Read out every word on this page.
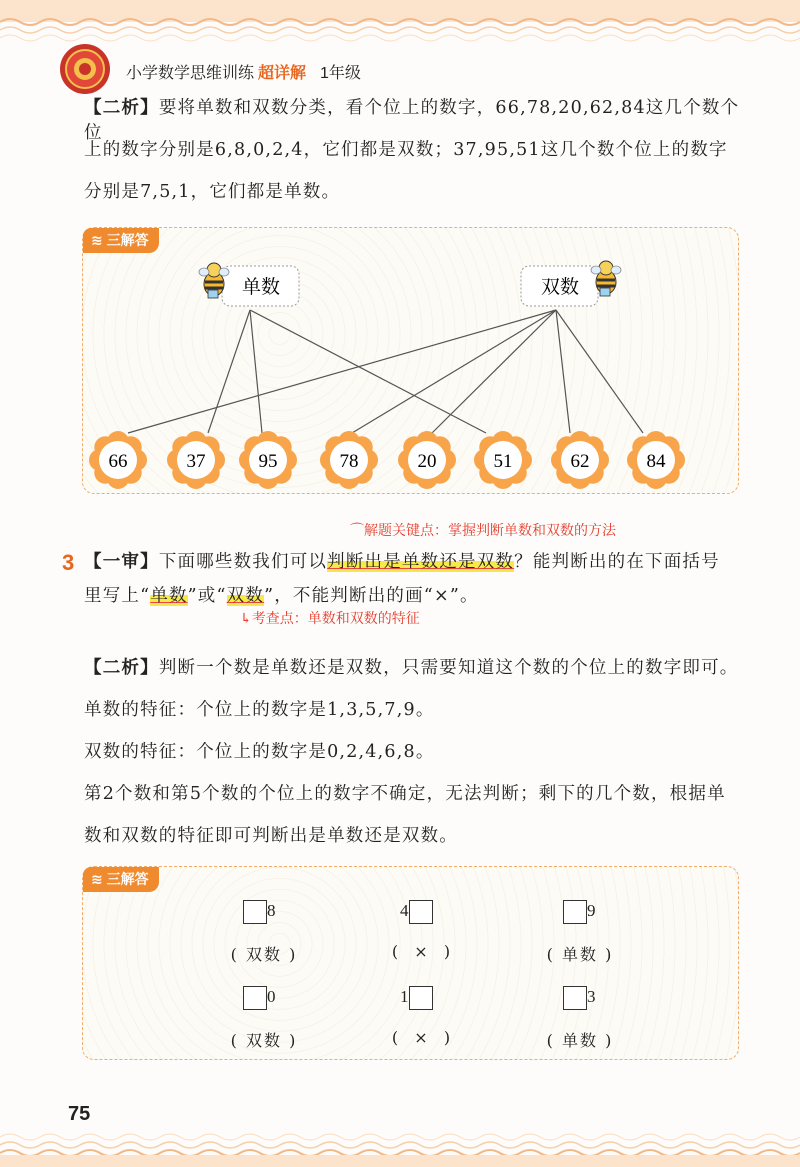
小学数学思维训练 超详解 1年级

【二析】要将单数和双数分类，看个位上的数字，66,78,20,62,84这几个数个位

上的数字分别是6,8,0,2,4，它们都是双数；37,95,51这几个数个位上的数字

分别是7,5,1，它们都是单数。

≋ 三解答
单数	双数
66	37	95	78	20	51	62	84
3
⌒解题关键点：掌握判断单数和双数的方法

【一审】下面哪些数我们可以判断出是单数还是双数？能判断出的在下面括号

里写上“单数”或“双数”，不能判断出的画“×”。

↳考查点：单数和双数的特征

【二析】判断一个数是单数还是双数，只需要知道这个数的个位上的数字即可。

单数的特征：个位上的数字是1,3,5,7,9。

双数的特征：个位上的数字是0,2,4,6,8。

第2个数和第5个数的个位上的数字不确定，无法判断；剩下的几个数，根据单

数和双数的特征即可判断出是单数还是双数。

≋ 三解答
8	4	9
( 双数 )	(  ×  )	( 单数 )
0	1	3
( 双数 )	(  ×  )	( 单数 )
75
